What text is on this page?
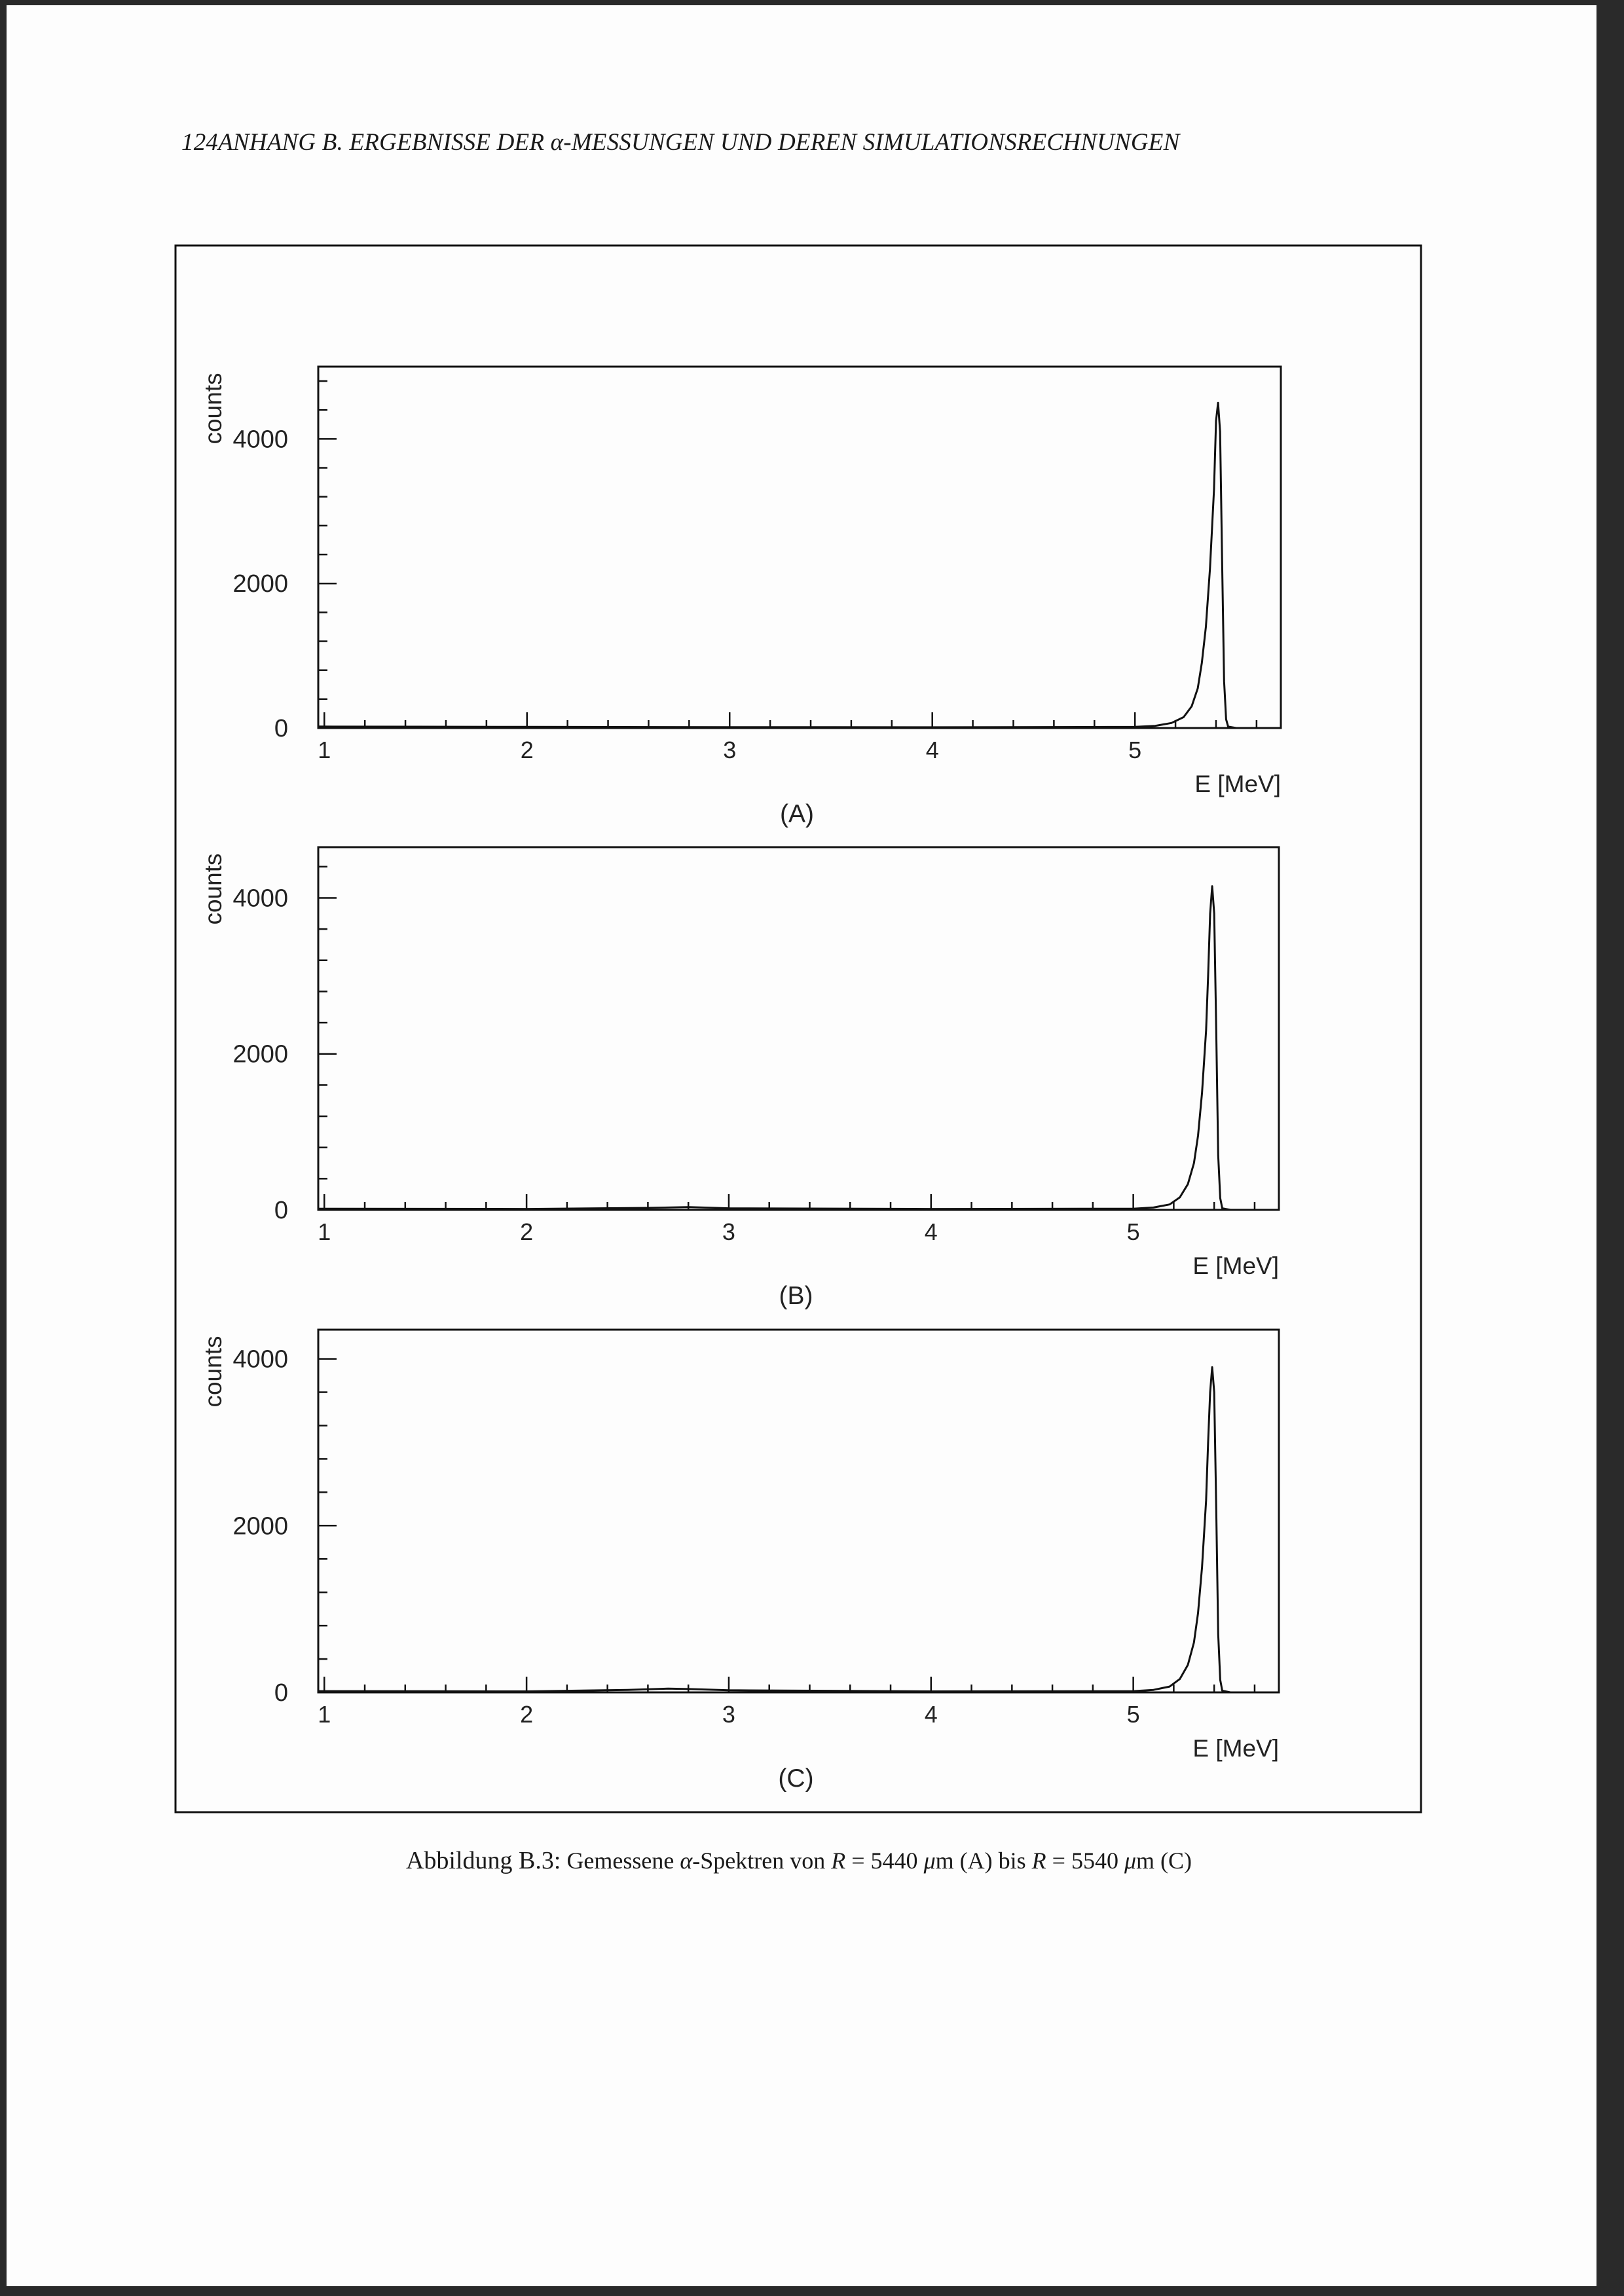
124ANHANG B. ERGEBNISSE DER α-MESSUNGEN UND DEREN SIMULATIONSRECHNUNGEN
1	2	3	4	5
0
2000
4000
counts
E [MeV]
(A)
1	2	3	4	5
0
2000
4000
counts
E [MeV]
(B)
1	2	3	4	5
0
2000
4000
counts
E [MeV]
(C)
Abbildung B.3: Gemessene α-Spektren von R = 5440 μm (A) bis R = 5540 μm (C)
